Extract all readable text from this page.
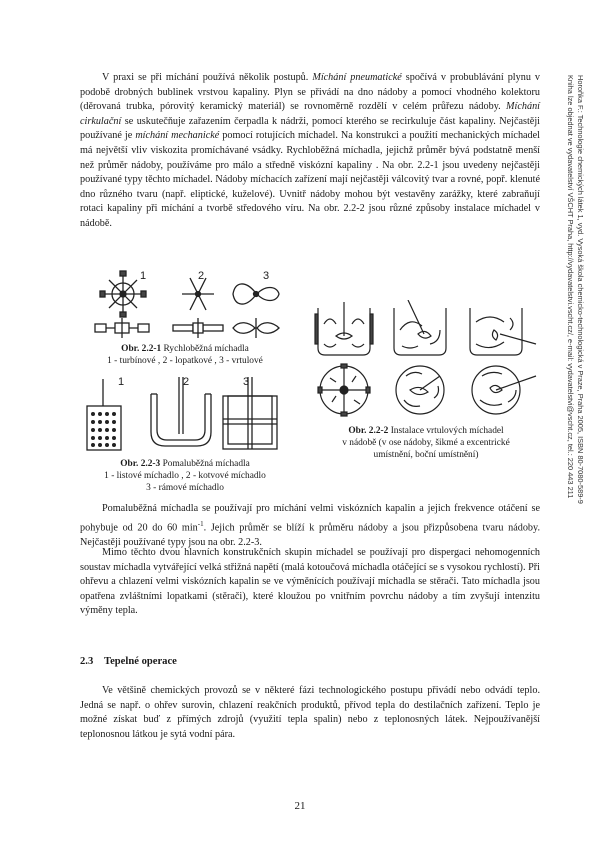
Horoňka F.: Technologie chemických látek 1, vyd. Vysoká škola chemicko-technologická v Praze, Praha 2005, ISBN 80-7080-589-9
Kniha lze objednat ve vydavatelství VŠCHT Praha, http://vydavatelstvi.vscht.cz/, e-mail: vydavatelstvi@vscht.cz, tel.: 220 443 211

V praxi se při míchání používá několik postupů. Míchání pneumatické spočívá v probublávání plynu v podobě drobných bublinek vrstvou kapaliny. Plyn se přivádí na dno nádoby a pomocí vhodného kolektoru (děrovaná trubka, pórovitý keramický materiál) se rovnoměrně rozdělí v celém průřezu nádoby. Míchání cirkulační se uskutečňuje zařazením čerpadla k nádrži, pomocí kterého se recirkuluje část kapaliny. Nejčastěji používané je míchání mechanické pomocí rotujících míchadel. Na konstrukci a použití mechanických míchadel má největší vliv viskozita promíchávané vsádky. Rychloběžná míchadla, jejichž průměr bývá podstatně menší než průměr nádoby, používáme pro málo a středně viskózní kapaliny . Na obr. 2.2-1 jsou uvedeny nejčastěji používané typy těchto míchadel. Nádoby míchacích zařízení mají nejčastěji válcovitý tvar a rovné, popř. klenuté dno různého tvaru (např. eliptické, kuželové). Uvnitř nádoby mohou být vestavěny zarážky, které zabraňují rotaci kapaliny při míchání a tvorbě středového víru. Na obr. 2.2-2 jsou různé způsoby instalace míchadel v nádobě.

1	2	3
Obr. 2.2-1 Rychloběžná míchadla
1 - turbínové , 2 - lopatkové , 3 - vrtulové
1	2	3
Obr. 2.2-3 Pomaluběžná míchadla
1 - listové míchadlo , 2 - kotvové míchadlo
3 - rámové míchadlo
Obr. 2.2-2 Instalace vrtulových míchadel
v nádobě (v ose nádoby, šikmé a excentrické
umístnění, boční umístnění)

Pomaluběžná míchadla se používají pro míchání velmi viskózních kapalin a jejich frekvence otáčení se pohybuje od 20 do 60 $\min^{-1}$. Jejich průměr se blíží k průměru nádoby a jsou přizpůsobena tvaru nádoby. Nejčastěji používané typy jsou na obr. 2.2-3.

Mimo těchto dvou hlavních konstrukčních skupin míchadel se používají pro dispergaci nehomogenních soustav míchadla vytvářející velká střižná napětí (malá kotoučová míchadla otáčející se s vysokou rychlostí). Při ohřevu a chlazení velmi viskózních kapalin se ve výměnících používají míchadla se stěrači. Tato míchadla jsou opatřena zvláštními lopatkami (stěrači), které kloužou po vnitřním povrchu nádoby a tím zvyšují intenzitu výměny tepla.

2.3 Tepelné operace

Ve většině chemických provozů se v některé fázi technologického postupu přivádí nebo odvádí teplo. Jedná se např. o ohřev surovin, chlazení reakčních produktů, přívod tepla do destilačních zařízení. Teplo je možné získat buď z přímých zdrojů (využití tepla spalin) nebo z teplonosných látek. Nejpoužívanější teplonosnou látkou je sytá vodní pára.

21
